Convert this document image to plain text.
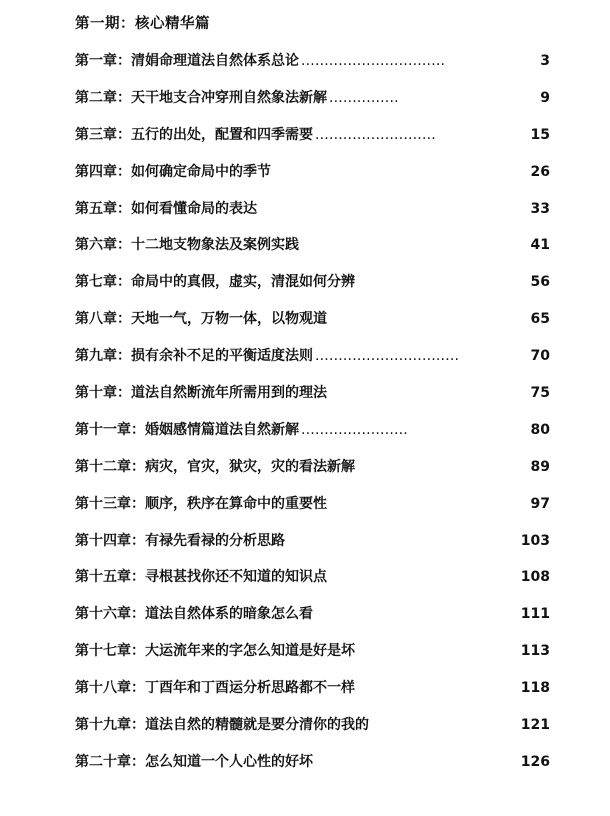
第一期：核心精华篇
第一章：清娟命理道法自然体系总论 ...............................	3
第二章：天干地支合冲穿刑自然象法新解 ...............	9
第三章：五行的出处，配置和四季需要 ..........................	15
第四章：如何确定命局中的季节	26
第五章：如何看懂命局的表达	33
第六章：十二地支物象法及案例实践	41
第七章：命局中的真假，虚实，清混如何分辨	56
第八章：天地一气，万物一体，以物观道	65
第九章：损有余补不足的平衡适度法则 ...............................	70
第十章：道法自然断流年所需用到的理法	75
第十一章：婚姻感情篇道法自然新解 .......................	80
第十二章：病灾，官灾，狱灾，灾的看法新解	89
第十三章：顺序，秩序在算命中的重要性	97
第十四章：有禄先看禄的分析思路	103
第十五章：寻根甚找你还不知道的知识点	108
第十六章：道法自然体系的暗象怎么看	111
第十七章：大运流年来的字怎么知道是好是坏	113
第十八章：丁酉年和丁酉运分析思路都不一样	118
第十九章：道法自然的精髓就是要分清你的我的	121
第二十章：怎么知道一个人心性的好坏	126
